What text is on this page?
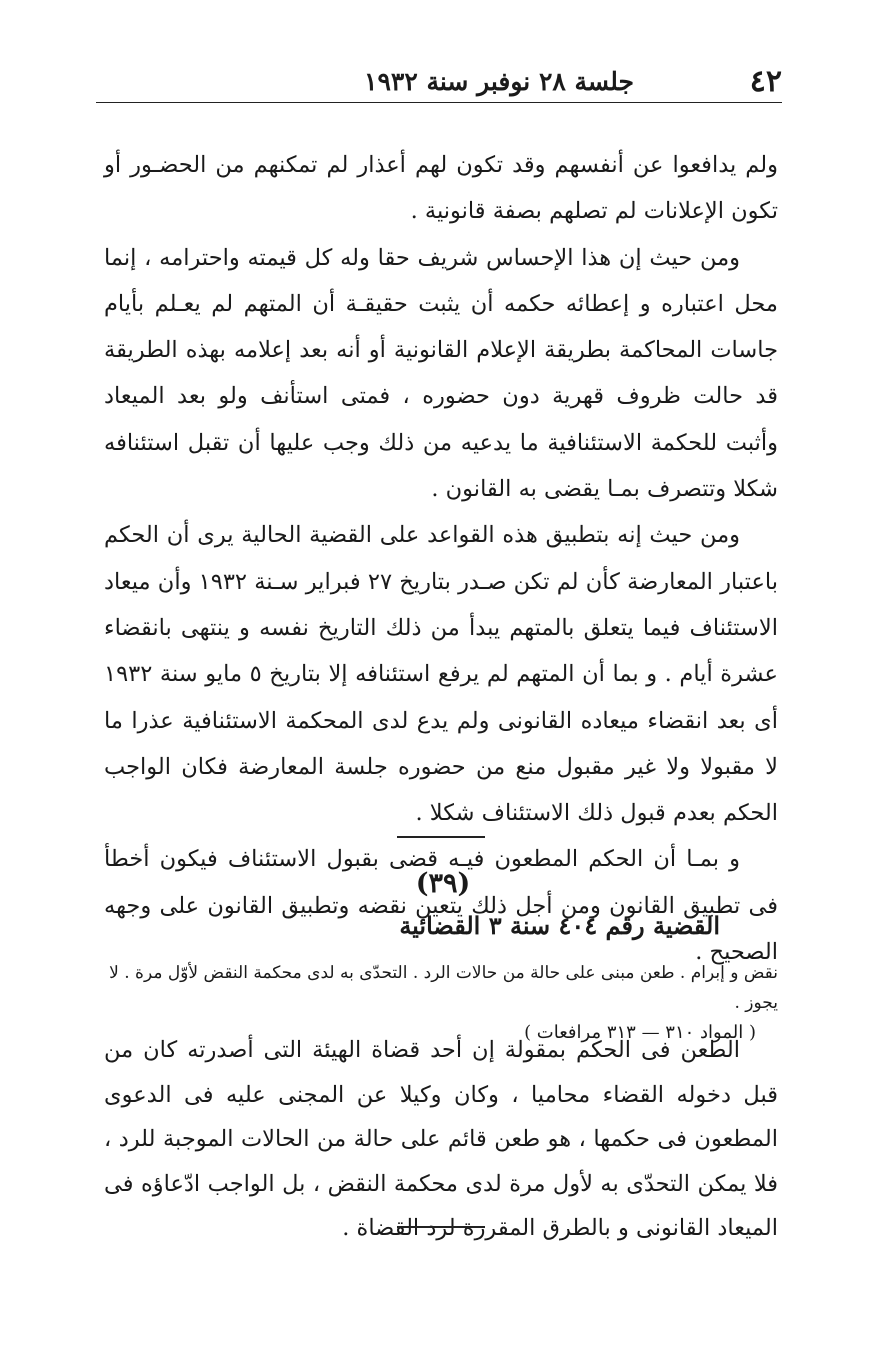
٤٢
جلسة ٢٨ نوفبر سنة ١٩٣٢

ولم يدافعوا عن أنفسهم وقد تكون لهم أعذار لم تمكنهم من الحضـور أو تكون الإعلانات لم تصلهم بصفة قانونية .

ومن حيث إن هذا الإحساس شريف حقا وله كل قيمته واحترامه ، إنما محل اعتباره و إعطائه حكمه أن يثبت حقيقـة أن المتهم لم يعـلم بأيام جاسات المحاكمة بطريقة الإعلام القانونية أو أنه بعد إعلامه بهذه الطريقة قد حالت ظروف قهرية دون حضوره ، فمتى استأنف ولو بعد الميعاد وأثبت للحكمة الاستئنافية ما يدعيه من ذلك وجب عليها أن تقبل استئنافه شكلا وتتصرف بمـا يقضى به القانون .

ومن حيث إنه بتطبيق هذه القواعد على القضية الحالية يرى أن الحكم باعتبار المعارضة كأن لم تكن صـدر بتاريخ ٢٧ فبراير سـنة ١٩٣٢ وأن ميعاد الاستئناف فيما يتعلق بالمتهم يبدأ من ذلك التاريخ نفسه و ينتهى بانقضاء عشرة أيام . و بما أن المتهم لم يرفع استئنافه إلا بتاريخ ٥ مايو سنة ١٩٣٢ أى بعد انقضاء ميعاده القانونى ولم يدع لدى المحكمة الاستئنافية عذرا ما لا مقبولا ولا غير مقبول منع من حضوره جلسة المعارضة فكان الواجب الحكم بعدم قبول ذلك الاستئناف شكلا .

و بمـا أن الحكم المطعون فيـه قضى بقبول الاستئناف فيكون أخطأ فى تطبيق القانون ومن أجل ذلك يتعين نقضه وتطبيق القانون على وجهه الصحيح .

(٣٩)
القضية رقم ٤٠٤ سنة ٣ القضائية
نقض و إبرام . طعن مبنى على حالة من حالات الرد . التحدّى به لدى محكمة النقض لأوّل مرة . لا يجوز .
( المواد ٣١٠ — ٣١٣ مرافعات )

الطعن فى الحكم بمقولة إن أحد قضاة الهيئة التى أصدرته كان من قبل دخوله القضاء محاميا ، وكان وكيلا عن المجنى عليه فى الدعوى المطعون فى حكمها ، هو طعن قائم على حالة من الحالات الموجبة للرد ، فلا يمكن التحدّى به لأول مرة لدى محكمة النقض ، بل الواجب ادّعاؤه فى الميعاد القانونى و بالطرق المقررة لرد القضاة .
